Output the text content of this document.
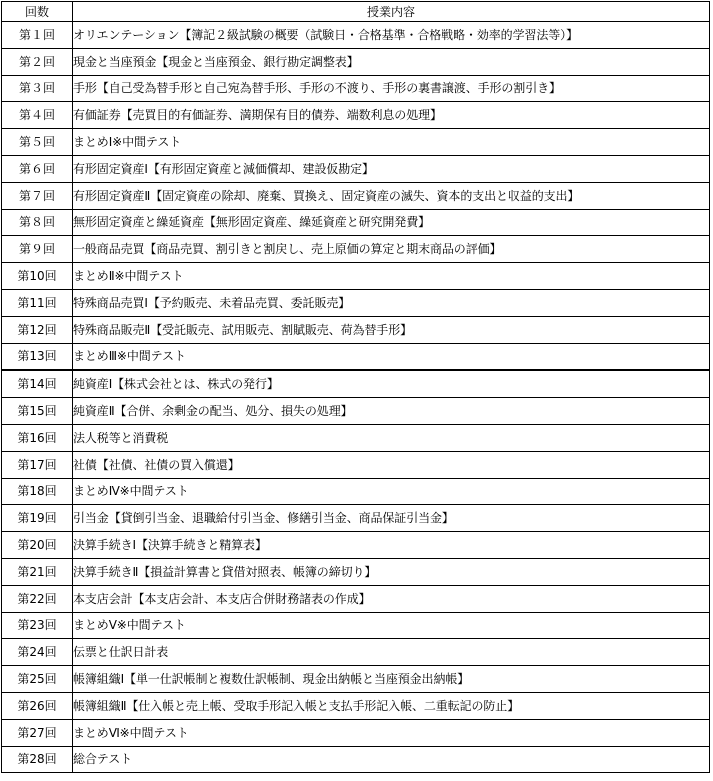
回数	授業内容
第１回	オリエンテーション【簿記２級試験の概要（試験日・合格基準・合格戦略・効率的学習法等）】
第２回	現金と当座預金【現金と当座預金、銀行勘定調整表】
第３回	手形【自己受為替手形と自己宛為替手形、手形の不渡り、手形の裏書譲渡、手形の割引き】
第４回	有価証券【売買目的有価証券、満期保有目的債券、端数利息の処理】
第５回	まとめⅠ※中間テスト
第６回	有形固定資産Ⅰ【有形固定資産と減価償却、建設仮勘定】
第７回	有形固定資産Ⅱ【固定資産の除却、廃棄、買換え、固定資産の滅失、資本的支出と収益的支出】
第８回	無形固定資産と繰延資産【無形固定資産、繰延資産と研究開発費】
第９回	一般商品売買【商品売買、割引きと割戻し、売上原価の算定と期末商品の評価】
第10回	まとめⅡ※中間テスト
第11回	特殊商品売買Ⅰ【予約販売、未着品売買、委託販売】
第12回	特殊商品販売Ⅱ【受託販売、試用販売、割賦販売、荷為替手形】
第13回	まとめⅢ※中間テスト
第14回	純資産Ⅰ【株式会社とは、株式の発行】
第15回	純資産Ⅱ【合併、余剰金の配当、処分、損失の処理】
第16回	法人税等と消費税
第17回	社債【社債、社債の買入償還】
第18回	まとめⅣ※中間テスト
第19回	引当金【貸倒引当金、退職給付引当金、修繕引当金、商品保証引当金】
第20回	決算手続きⅠ【決算手続きと精算表】
第21回	決算手続きⅡ【損益計算書と貸借対照表、帳簿の締切り】
第22回	本支店会計【本支店会計、本支店合併財務諸表の作成】
第23回	まとめⅤ※中間テスト
第24回	伝票と仕訳日計表
第25回	帳簿組織Ⅰ【単一仕訳帳制と複数仕訳帳制、現金出納帳と当座預金出納帳】
第26回	帳簿組織Ⅱ【仕入帳と売上帳、受取手形記入帳と支払手形記入帳、二重転記の防止】
第27回	まとめⅥ※中間テスト
第28回	総合テスト
